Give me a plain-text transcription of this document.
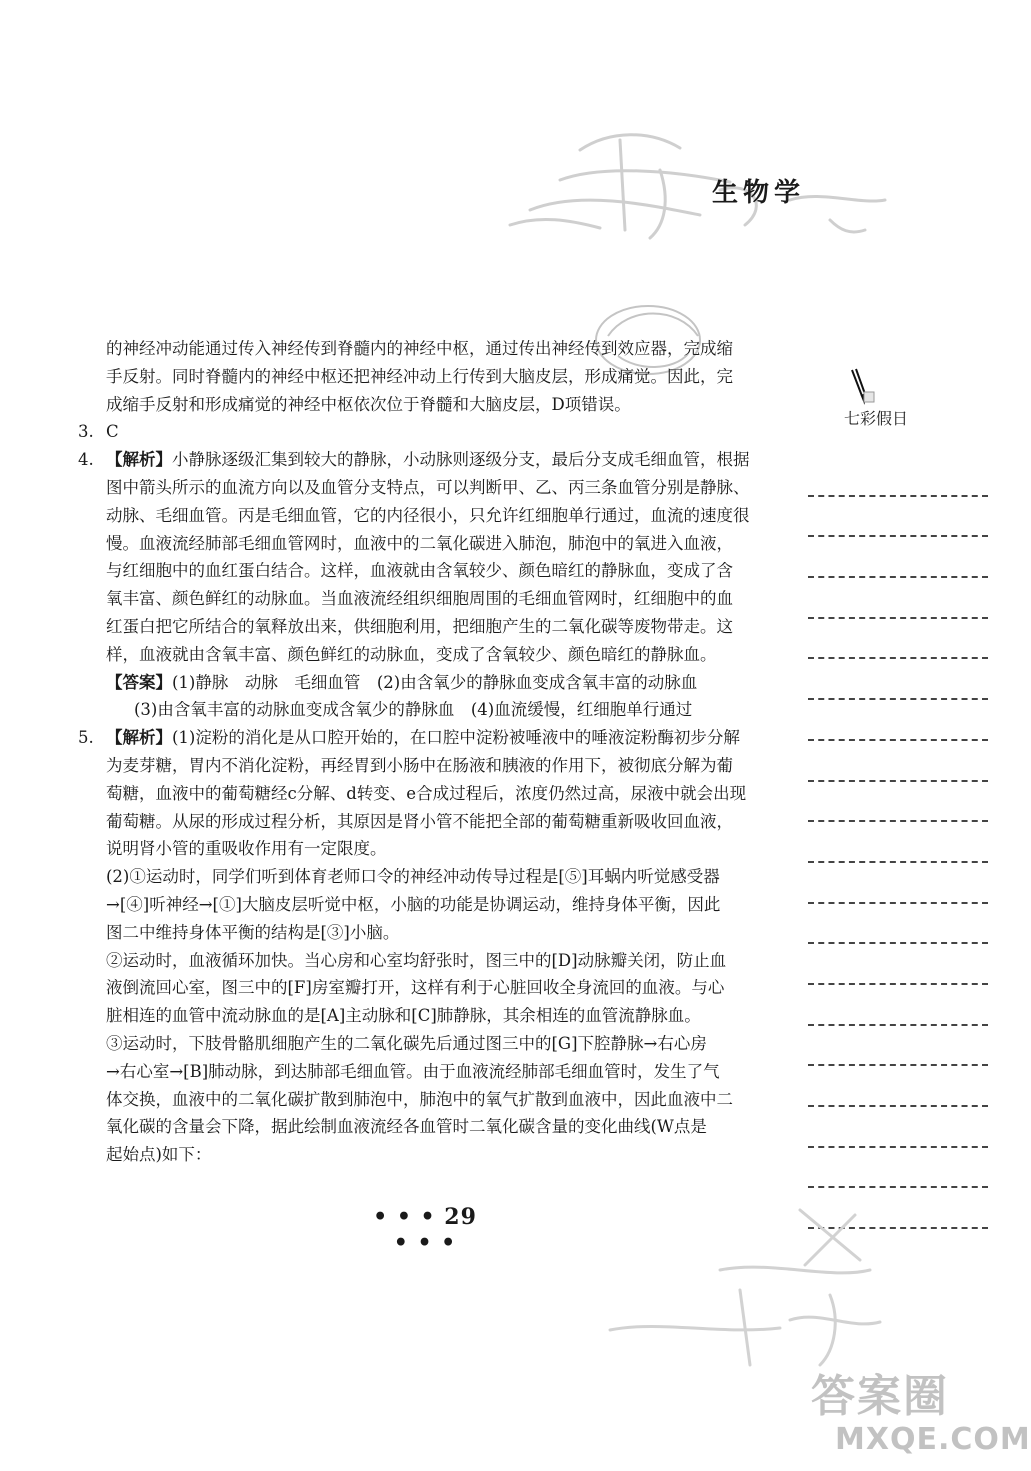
生物学
的神经冲动能通过传入神经传到脊髓内的神经中枢，通过传出神经传到效应器，完成缩
手反射。同时脊髓内的神经中枢还把神经冲动上行传到大脑皮层，形成痛觉。因此，完
成缩手反射和形成痛觉的神经中枢依次位于脊髓和大脑皮层，D项错误。
3. C
4. 【解析】小静脉逐级汇集到较大的静脉，小动脉则逐级分支，最后分支成毛细血管，根据
图中箭头所示的血流方向以及血管分支特点，可以判断甲、乙、丙三条血管分别是静脉、
动脉、毛细血管。丙是毛细血管，它的内径很小，只允许红细胞单行通过，血流的速度很
慢。血液流经肺部毛细血管网时，血液中的二氧化碳进入肺泡，肺泡中的氧进入血液，
与红细胞中的血红蛋白结合。这样，血液就由含氧较少、颜色暗红的静脉血，变成了含
氧丰富、颜色鲜红的动脉血。当血液流经组织细胞周围的毛细血管网时，红细胞中的血
红蛋白把它所结合的氧释放出来，供细胞利用，把细胞产生的二氧化碳等废物带走。这
样，血液就由含氧丰富、颜色鲜红的动脉血，变成了含氧较少、颜色暗红的静脉血。
【答案】(1)静脉　动脉　毛细血管　(2)由含氧少的静脉血变成含氧丰富的动脉血
(3)由含氧丰富的动脉血变成含氧少的静脉血　(4)血流缓慢，红细胞单行通过
5. 【解析】(1)淀粉的消化是从口腔开始的，在口腔中淀粉被唾液中的唾液淀粉酶初步分解
为麦芽糖，胃内不消化淀粉，再经胃到小肠中在肠液和胰液的作用下，被彻底分解为葡
萄糖，血液中的葡萄糖经c分解、d转变、e合成过程后，浓度仍然过高，尿液中就会出现
葡萄糖。从尿的形成过程分析，其原因是肾小管不能把全部的葡萄糖重新吸收回血液，
说明肾小管的重吸收作用有一定限度。
(2)①运动时，同学们听到体育老师口令的神经冲动传导过程是[⑤]耳蜗内听觉感受器
→[④]听神经→[①]大脑皮层听觉中枢，小脑的功能是协调运动，维持身体平衡，因此
图二中维持身体平衡的结构是[③]小脑。
②运动时，血液循环加快。当心房和心室均舒张时，图三中的[D]动脉瓣关闭，防止血
液倒流回心室，图三中的[F]房室瓣打开，这样有利于心脏回收全身流回的血液。与心
脏相连的血管中流动脉血的是[A]主动脉和[C]肺静脉，其余相连的血管流静脉血。
③运动时，下肢骨骼肌细胞产生的二氧化碳先后通过图三中的[G]下腔静脉→右心房
→右心室→[B]肺动脉，到达肺部毛细血管。由于血液流经肺部毛细血管时，发生了气
体交换，血液中的二氧化碳扩散到肺泡中，肺泡中的氧气扩散到血液中，因此血液中二
氧化碳的含量会下降，据此绘制血液流经各血管时二氧化碳含量的变化曲线(W点是
起始点)如下：
七彩假日
• • • 29 • • •
答案圈
MXQE.COM
